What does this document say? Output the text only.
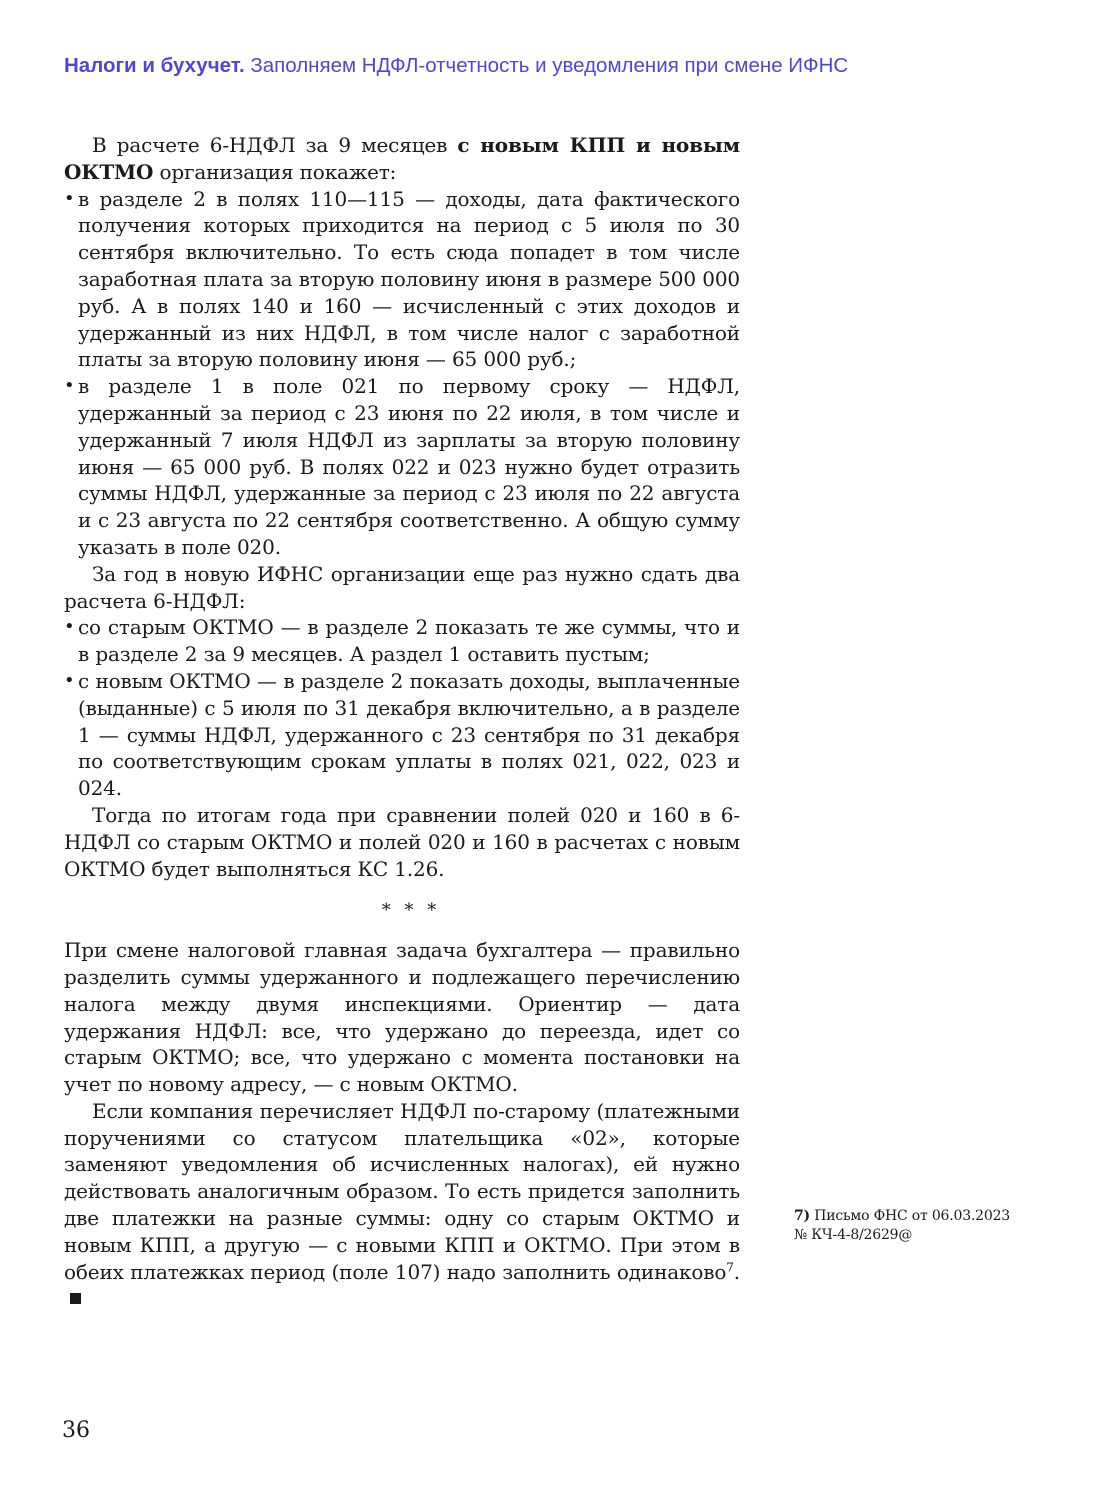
Налоги и бухучет. Заполняем НДФЛ-отчетность и уведомления при смене ИФНС

В расчете 6-НДФЛ за 9 месяцев с новым КПП и новым ОКТМО организация покажет:

• в разделе 2 в полях 110—115 — доходы, дата фактического получения которых приходится на период с 5 июля по 30 сентября включительно. То есть сюда попадет в том числе заработная плата за вторую половину июня в размере 500 000 руб. А в полях 140 и 160 — исчисленный с этих доходов и удержанный из них НДФЛ, в том числе налог с заработной платы за вторую половину июня — 65 000 руб.;
• в разделе 1 в поле 021 по первому сроку — НДФЛ, удержанный за период с 23 июня по 22 июля, в том числе и удержанный 7 июля НДФЛ из зарплаты за вторую половину июня — 65 000 руб. В полях 022 и 023 нужно будет отразить суммы НДФЛ, удержанные за период с 23 июля по 22 августа и с 23 августа по 22 сентября соответственно. А общую сумму указать в поле 020.

За год в новую ИФНС организации еще раз нужно сдать два расчета 6-НДФЛ:

• со старым ОКТМО — в разделе 2 показать те же суммы, что и в разделе 2 за 9 месяцев. А раздел 1 оставить пустым;
• с новым ОКТМО — в разделе 2 показать доходы, выплаченные (выданные) с 5 июля по 31 декабря включительно, а в разделе 1 — суммы НДФЛ, удержанного с 23 сентября по 31 декабря по соответствующим срокам уплаты в полях 021, 022, 023 и 024.

Тогда по итогам года при сравнении полей 020 и 160 в 6-НДФЛ со старым ОКТМО и полей 020 и 160 в расчетах с новым ОКТМО будет выполняться КС 1.26.

* * *

При смене налоговой главная задача бухгалтера — правильно разделить суммы удержанного и подлежащего перечислению налога между двумя инспекциями. Ориентир — дата удержания НДФЛ: все, что удержано до переезда, идет со старым ОКТМО; все, что удержано с момента постановки на учет по новому адресу, — с новым ОКТМО.

Если компания перечисляет НДФЛ по-старому (платежными поручениями со статусом плательщика «02», которые заменяют уведомления об исчисленных налогах), ей нужно действовать аналогичным образом. То есть придется заполнить две платежки на разные суммы: одну со старым ОКТМО и новым КПП, а другую — с новыми КПП и ОКТМО. При этом в обеих платежках период (поле 107) надо заполнить одинаково$^7$.

7) Письмо ФНС от 06.03.2023
№ КЧ-4-8/2629@
36
